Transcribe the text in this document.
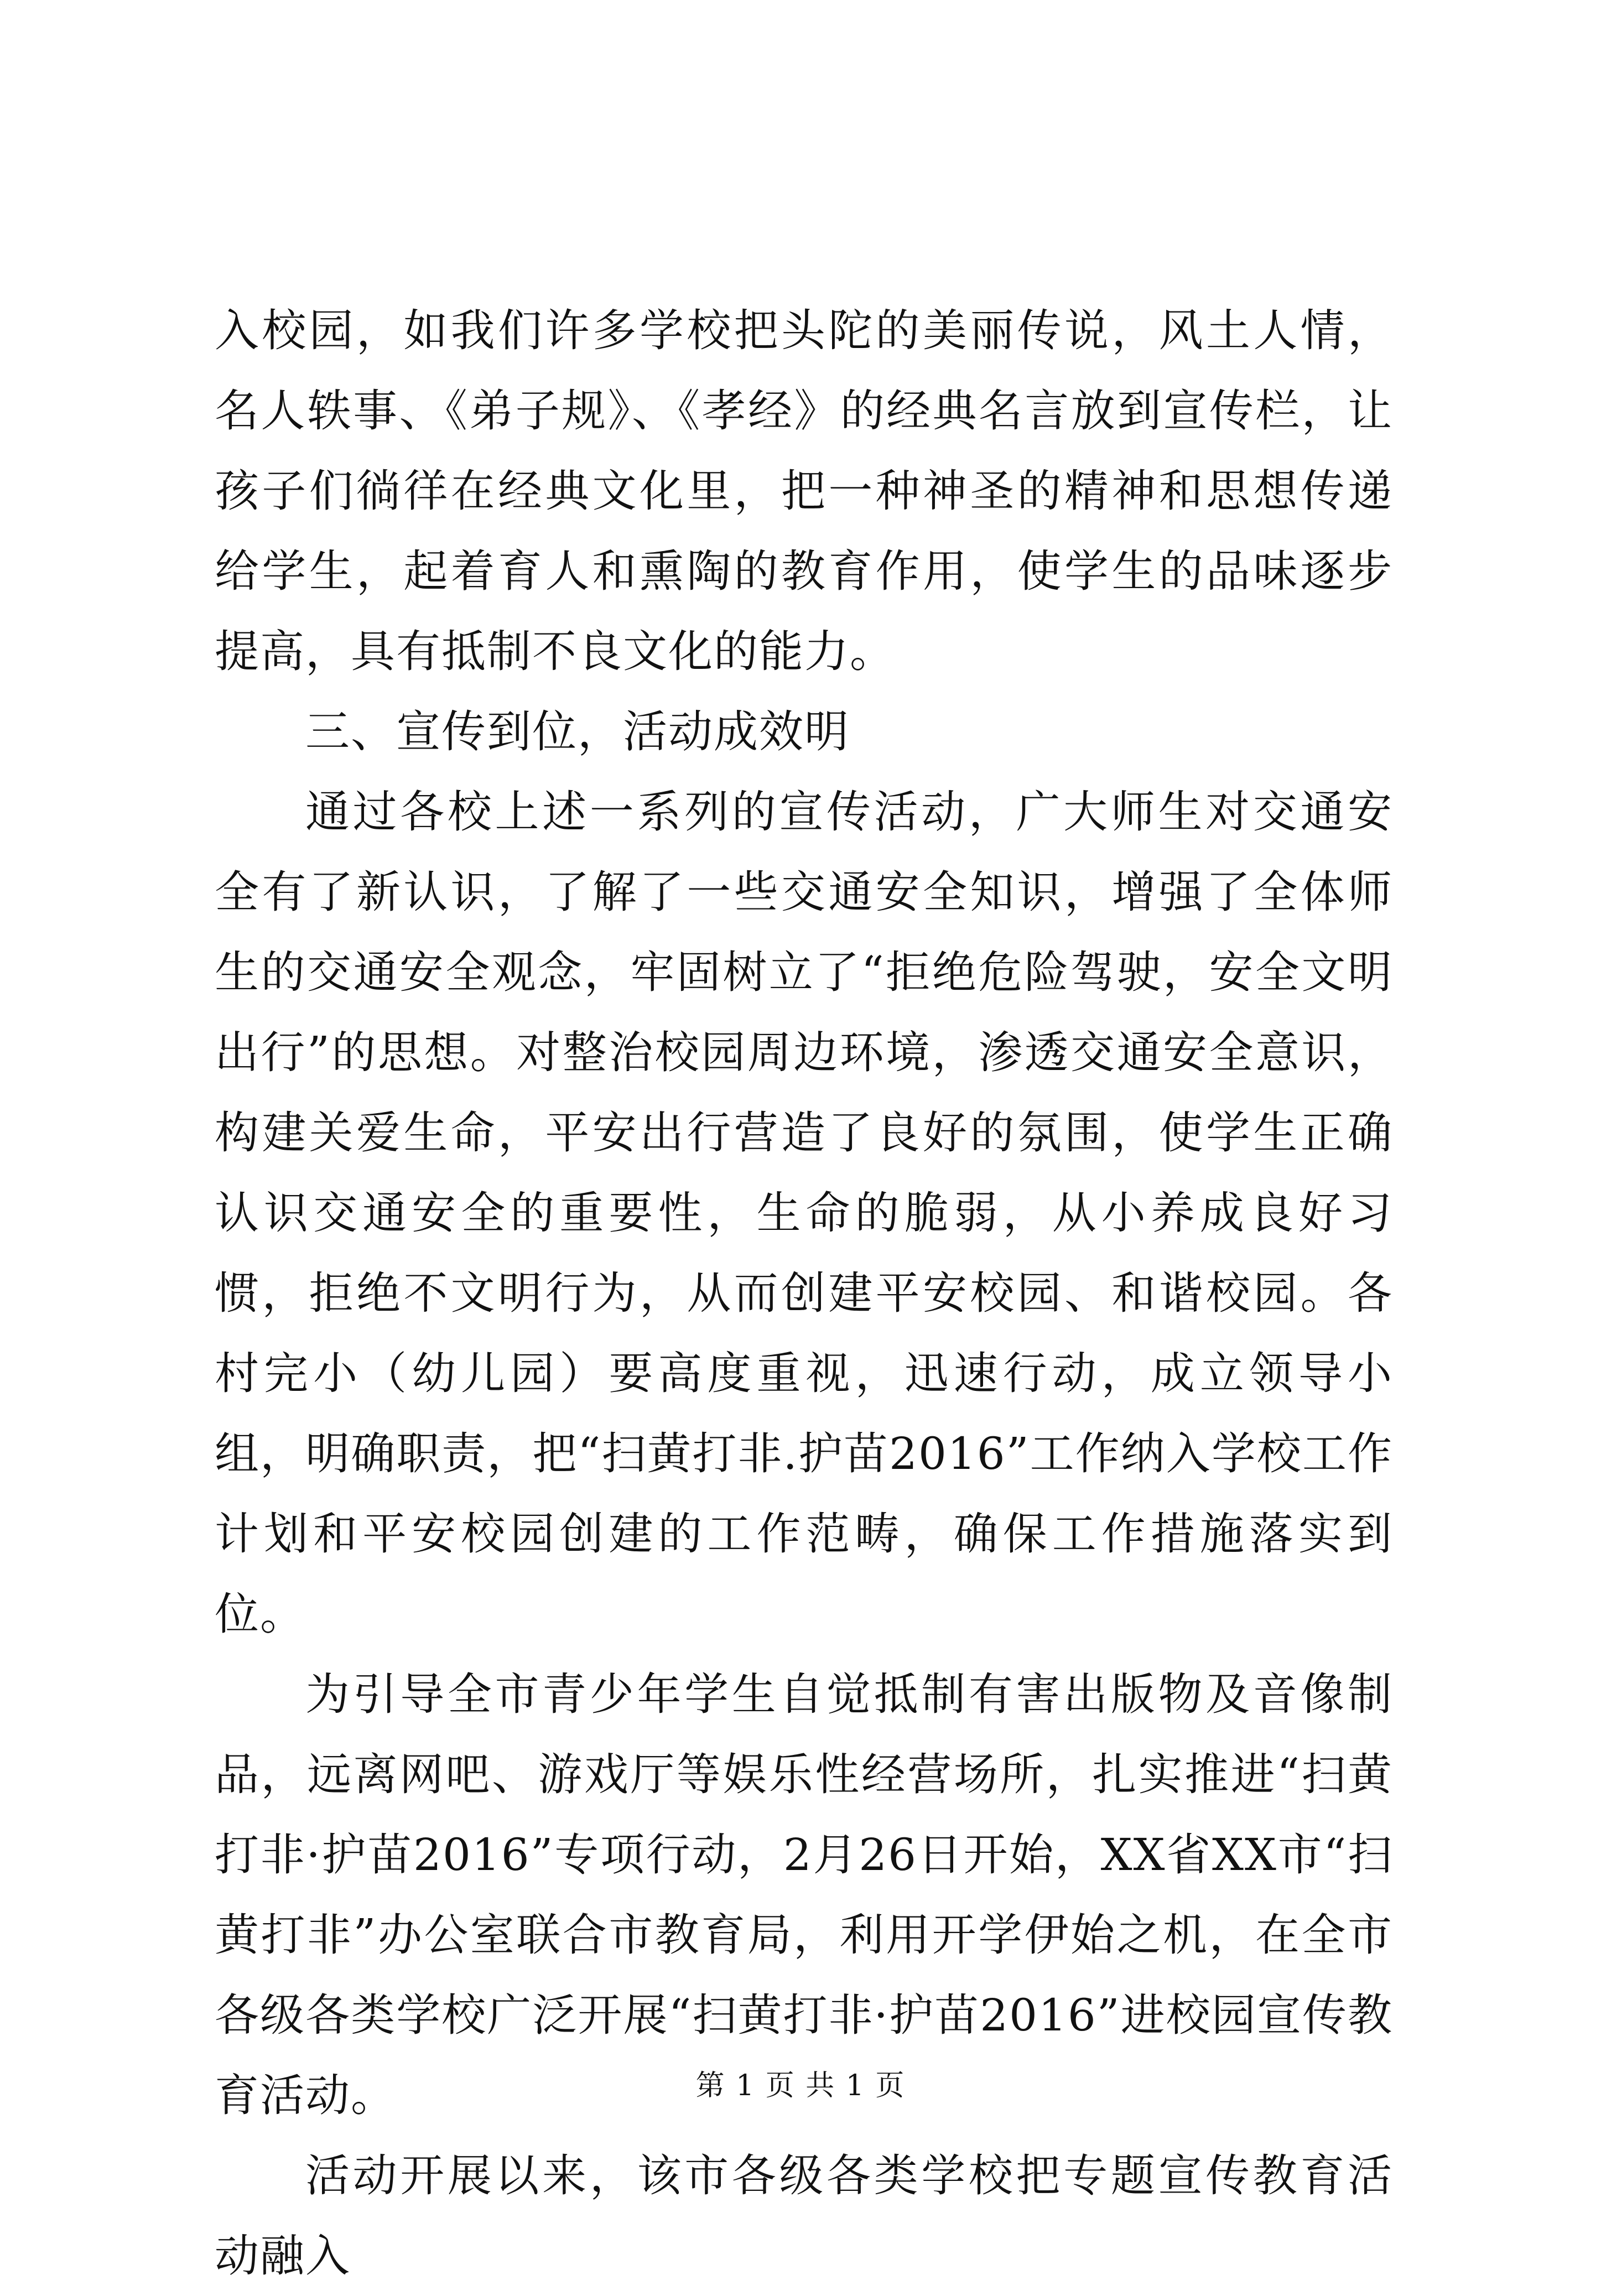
入校园，如我们许多学校把头陀的美丽传说，风土人情，名人轶事、《弟子规》、《孝经》的经典名言放到宣传栏，让孩子们徜徉在经典文化里，把一种神圣的精神和思想传递给学生，起着育人和熏陶的教育作用，使学生的品味逐步提高，具有抵制不良文化的能力。

三、宣传到位，活动成效明

通过各校上述一系列的宣传活动，广大师生对交通安全有了新认识，了解了一些交通安全知识，增强了全体师生的交通安全观念，牢固树立了“拒绝危险驾驶，安全文明出行”的思想。对整治校园周边环境，渗透交通安全意识，构建关爱生命，平安出行营造了良好的氛围，使学生正确认识交通安全的重要性，生命的脆弱，从小养成良好习惯，拒绝不文明行为，从而创建平安校园、和谐校园。各村完小（幼儿园）要高度重视，迅速行动，成立领导小组，明确职责，把“扫黄打非.护苗2016”工作纳入学校工作计划和平安校园创建的工作范畴，确保工作措施落实到位。

为引导全市青少年学生自觉抵制有害出版物及音像制品，远离网吧、游戏厅等娱乐性经营场所，扎实推进“扫黄打非·护苗2016”专项行动，2月26日开始，XX省XX市“扫黄打非”办公室联合市教育局，利用开学伊始之机，在全市各级各类学校广泛开展“扫黄打非·护苗2016”进校园宣传教育活动。

活动开展以来，该市各级各类学校把专题宣传教育活动融入

第 1 页 共 1 页
